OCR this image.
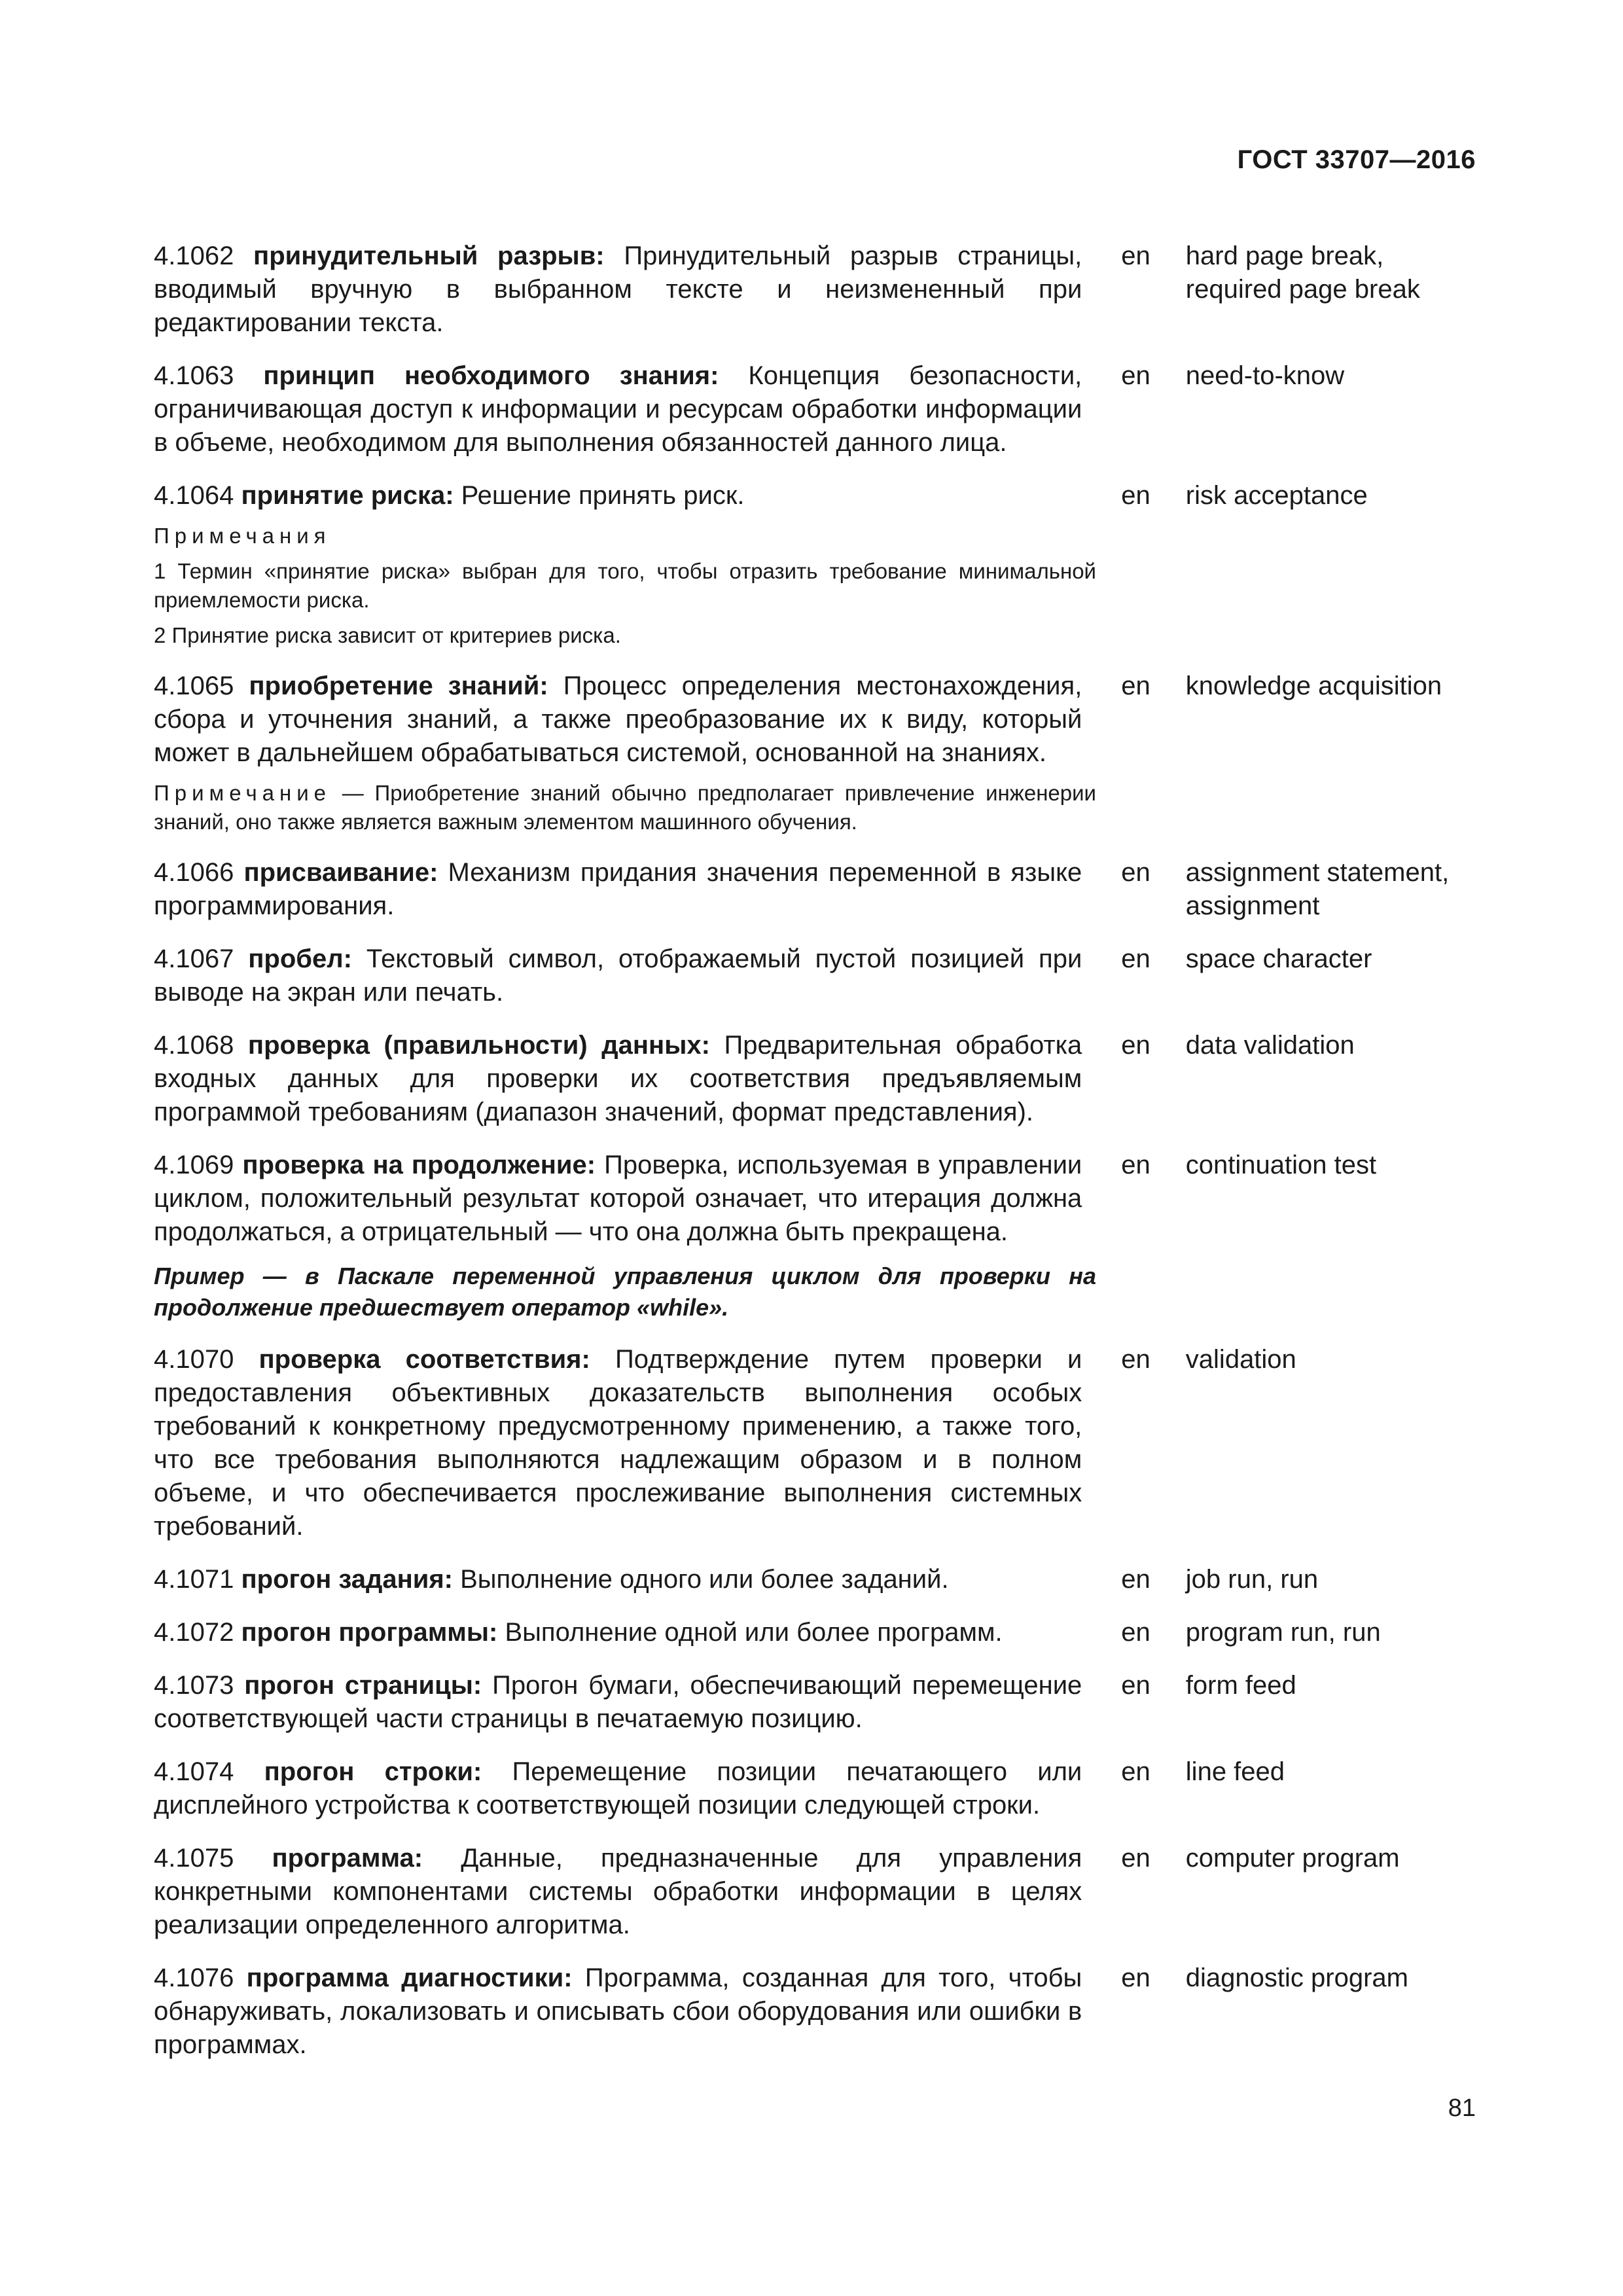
ГОСТ 33707—2016
4.1062 принудительный разрыв: Принудительный разрыв страницы, вводимый вручную в выбранном тексте и неизмененный при редактировании текста.
en	hard page break, required page break
4.1063 принцип необходимого знания: Концепция безопасности, ограничивающая доступ к информации и ресурсам обработки информации в объеме, необходимом для выполнения обязанностей данного лица.
en	need-to-know
4.1064 принятие риска: Решение принять риск.	en	risk acceptance
Примечания
1 Термин «принятие риска» выбран для того, чтобы отразить требование минимальной приемлемости риска.
2 Принятие риска зависит от критериев риска.
4.1065 приобретение знаний: Процесс определения местонахождения, сбора и уточнения знаний, а также преобразование их к виду, который может в дальнейшем обрабатываться системой, основанной на знаниях.
en	knowledge acquisition
Примечание — Приобретение знаний обычно предполагает привлечение инженерии знаний, оно также является важным элементом машинного обучения.
4.1066 присваивание: Механизм придания значения переменной в языке программирования.
en	assignment statement, assignment
4.1067 пробел: Текстовый символ, отображаемый пустой позицией при выводе на экран или печать.
en	space character
4.1068 проверка (правильности) данных: Предварительная обработка входных данных для проверки их соответствия предъявляемым программой требованиям (диапазон значений, формат представления).
en	data validation
4.1069 проверка на продолжение: Проверка, используемая в управлении циклом, положительный результат которой означает, что итерация должна продолжаться, а отрицательный — что она должна быть прекращена.
en	continuation test
Пример — в Паскале переменной управления циклом для проверки на продолжение предшествует оператор «while».
4.1070 проверка соответствия: Подтверждение путем проверки и предоставления объективных доказательств выполнения особых требований к конкретному предусмотренному применению, а также того, что все требования выполняются надлежащим образом и в полном объеме, и что обеспечивается прослеживание выполнения системных требований.
en	validation
4.1071 прогон задания: Выполнение одного или более заданий.	en	job run, run
4.1072 прогон программы: Выполнение одной или более программ.	en	program run, run
4.1073 прогон страницы: Прогон бумаги, обеспечивающий перемещение соответствующей части страницы в печатаемую позицию.
en	form feed
4.1074 прогон строки: Перемещение позиции печатающего или дисплейного устройства к соответствующей позиции следующей строки.
en	line feed
4.1075 программа: Данные, предназначенные для управления конкретными компонентами системы обработки информации в целях реализации определенного алгоритма.
en	computer program
4.1076 программа диагностики: Программа, созданная для того, чтобы обнаруживать, локализовать и описывать сбои оборудования или ошибки в программах.
en	diagnostic program
81
